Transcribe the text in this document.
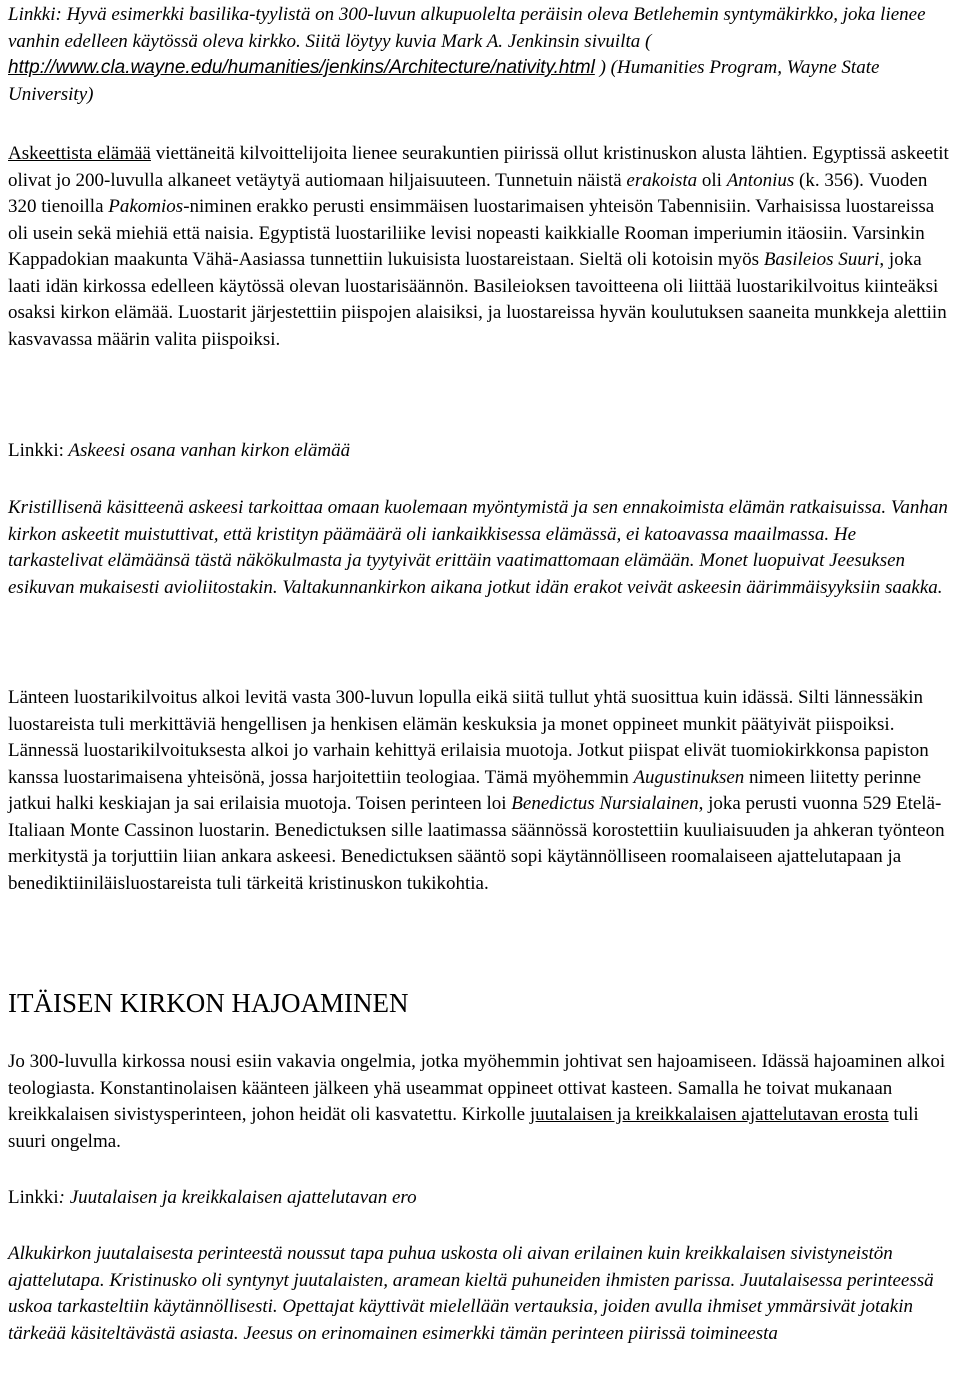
Linkki: Hyvä esimerkki basilika-tyylistä on 300-luvun alkupuolelta peräisin oleva Betlehemin syntymäkirkko, joka lienee vanhin edelleen käytössä oleva kirkko. Siitä löytyy kuvia Mark A. Jenkinsin sivuilta ( http://www.cla.wayne.edu/humanities/jenkins/Architecture/nativity.html ) (Humanities Program, Wayne State University)

Askeettista elämää viettäneitä kilvoittelijoita lienee seurakuntien piirissä ollut kristinuskon alusta lähtien. Egyptissä askeetit olivat jo 200-luvulla alkaneet vetäytyä autiomaan hiljaisuuteen. Tunnetuin näistä erakoista oli Antonius (k. 356). Vuoden 320 tienoilla Pakomios-niminen erakko perusti ensimmäisen luostarimaisen yhteisön Tabennisiin. Varhaisissa luostareissa oli usein sekä miehiä että naisia. Egyptistä luostariliike levisi nopeasti kaikkialle Rooman imperiumin itäosiin. Varsinkin Kappadokian maakunta Vähä-Aasiassa tunnettiin lukuisista luostareistaan. Sieltä oli kotoisin myös Basileios Suuri, joka laati idän kirkossa edelleen käytössä olevan luostarisäännön. Basileioksen tavoitteena oli liittää luostarikilvoitus kiinteäksi osaksi kirkon elämää. Luostarit järjestettiin piispojen alaisiksi, ja luostareissa hyvän koulutuksen saaneita munkkeja alettiin kasvavassa määrin valita piispoiksi.

Linkki: Askeesi osana vanhan kirkon elämää

Kristillisenä käsitteenä askeesi tarkoittaa omaan kuolemaan myöntymistä ja sen ennakoimista elämän ratkaisuissa. Vanhan kirkon askeetit muistuttivat, että kristityn päämäärä oli iankaikkisessa elämässä, ei katoavassa maailmassa. He tarkastelivat elämäänsä tästä näkökulmasta ja tyytyivät erittäin vaatimattomaan elämään. Monet luopuivat Jeesuksen esikuvan mukaisesti avioliitostakin. Valtakunnankirkon aikana jotkut idän erakot veivät askeesin äärimmäisyyksiin saakka.

Länteen luostarikilvoitus alkoi levitä vasta 300-luvun lopulla eikä siitä tullut yhtä suosittua kuin idässä. Silti lännessäkin luostareista tuli merkittäviä hengellisen ja henkisen elämän keskuksia ja monet oppineet munkit päätyivät piispoiksi. Lännessä luostarikilvoituksesta alkoi jo varhain kehittyä erilaisia muotoja. Jotkut piispat elivät tuomiokirkkonsa papiston kanssa luostarimaisena yhteisönä, jossa harjoitettiin teologiaa. Tämä myöhemmin Augustinuksen nimeen liitetty perinne jatkui halki keskiajan ja sai erilaisia muotoja. Toisen perinteen loi Benedictus Nursialainen, joka perusti vuonna 529 Etelä-Italiaan Monte Cassinon luostarin. Benedictuksen sille laatimassa säännössä korostettiin kuuliaisuuden ja ahkeran työnteon merkitystä ja torjuttiin liian ankara askeesi. Benedictuksen sääntö sopi käytännölliseen roomalaiseen ajattelutapaan ja benediktiiniläisluostareista tuli tärkeitä kristinuskon tukikohtia.

ITÄISEN KIRKON HAJOAMINEN

Jo 300-luvulla kirkossa nousi esiin vakavia ongelmia, jotka myöhemmin johtivat sen hajoamiseen. Idässä hajoaminen alkoi teologiasta. Konstantinolaisen käänteen jälkeen yhä useammat oppineet ottivat kasteen. Samalla he toivat mukanaan kreikkalaisen sivistysperinteen, johon heidät oli kasvatettu. Kirkolle juutalaisen ja kreikkalaisen ajattelutavan erosta tuli suuri ongelma.

Linkki: Juutalaisen ja kreikkalaisen ajattelutavan ero

Alkukirkon juutalaisesta perinteestä noussut tapa puhua uskosta oli aivan erilainen kuin kreikkalaisen sivistyneistön ajattelutapa. Kristinusko oli syntynyt juutalaisten, aramean kieltä puhuneiden ihmisten parissa. Juutalaisessa perinteessä uskoa tarkasteltiin käytännöllisesti. Opettajat käyttivät mielellään vertauksia, joiden avulla ihmiset ymmärsivät jotakin tärkeää käsiteltävästä asiasta. Jeesus on erinomainen esimerkki tämän perinteen piirissä toimineesta
